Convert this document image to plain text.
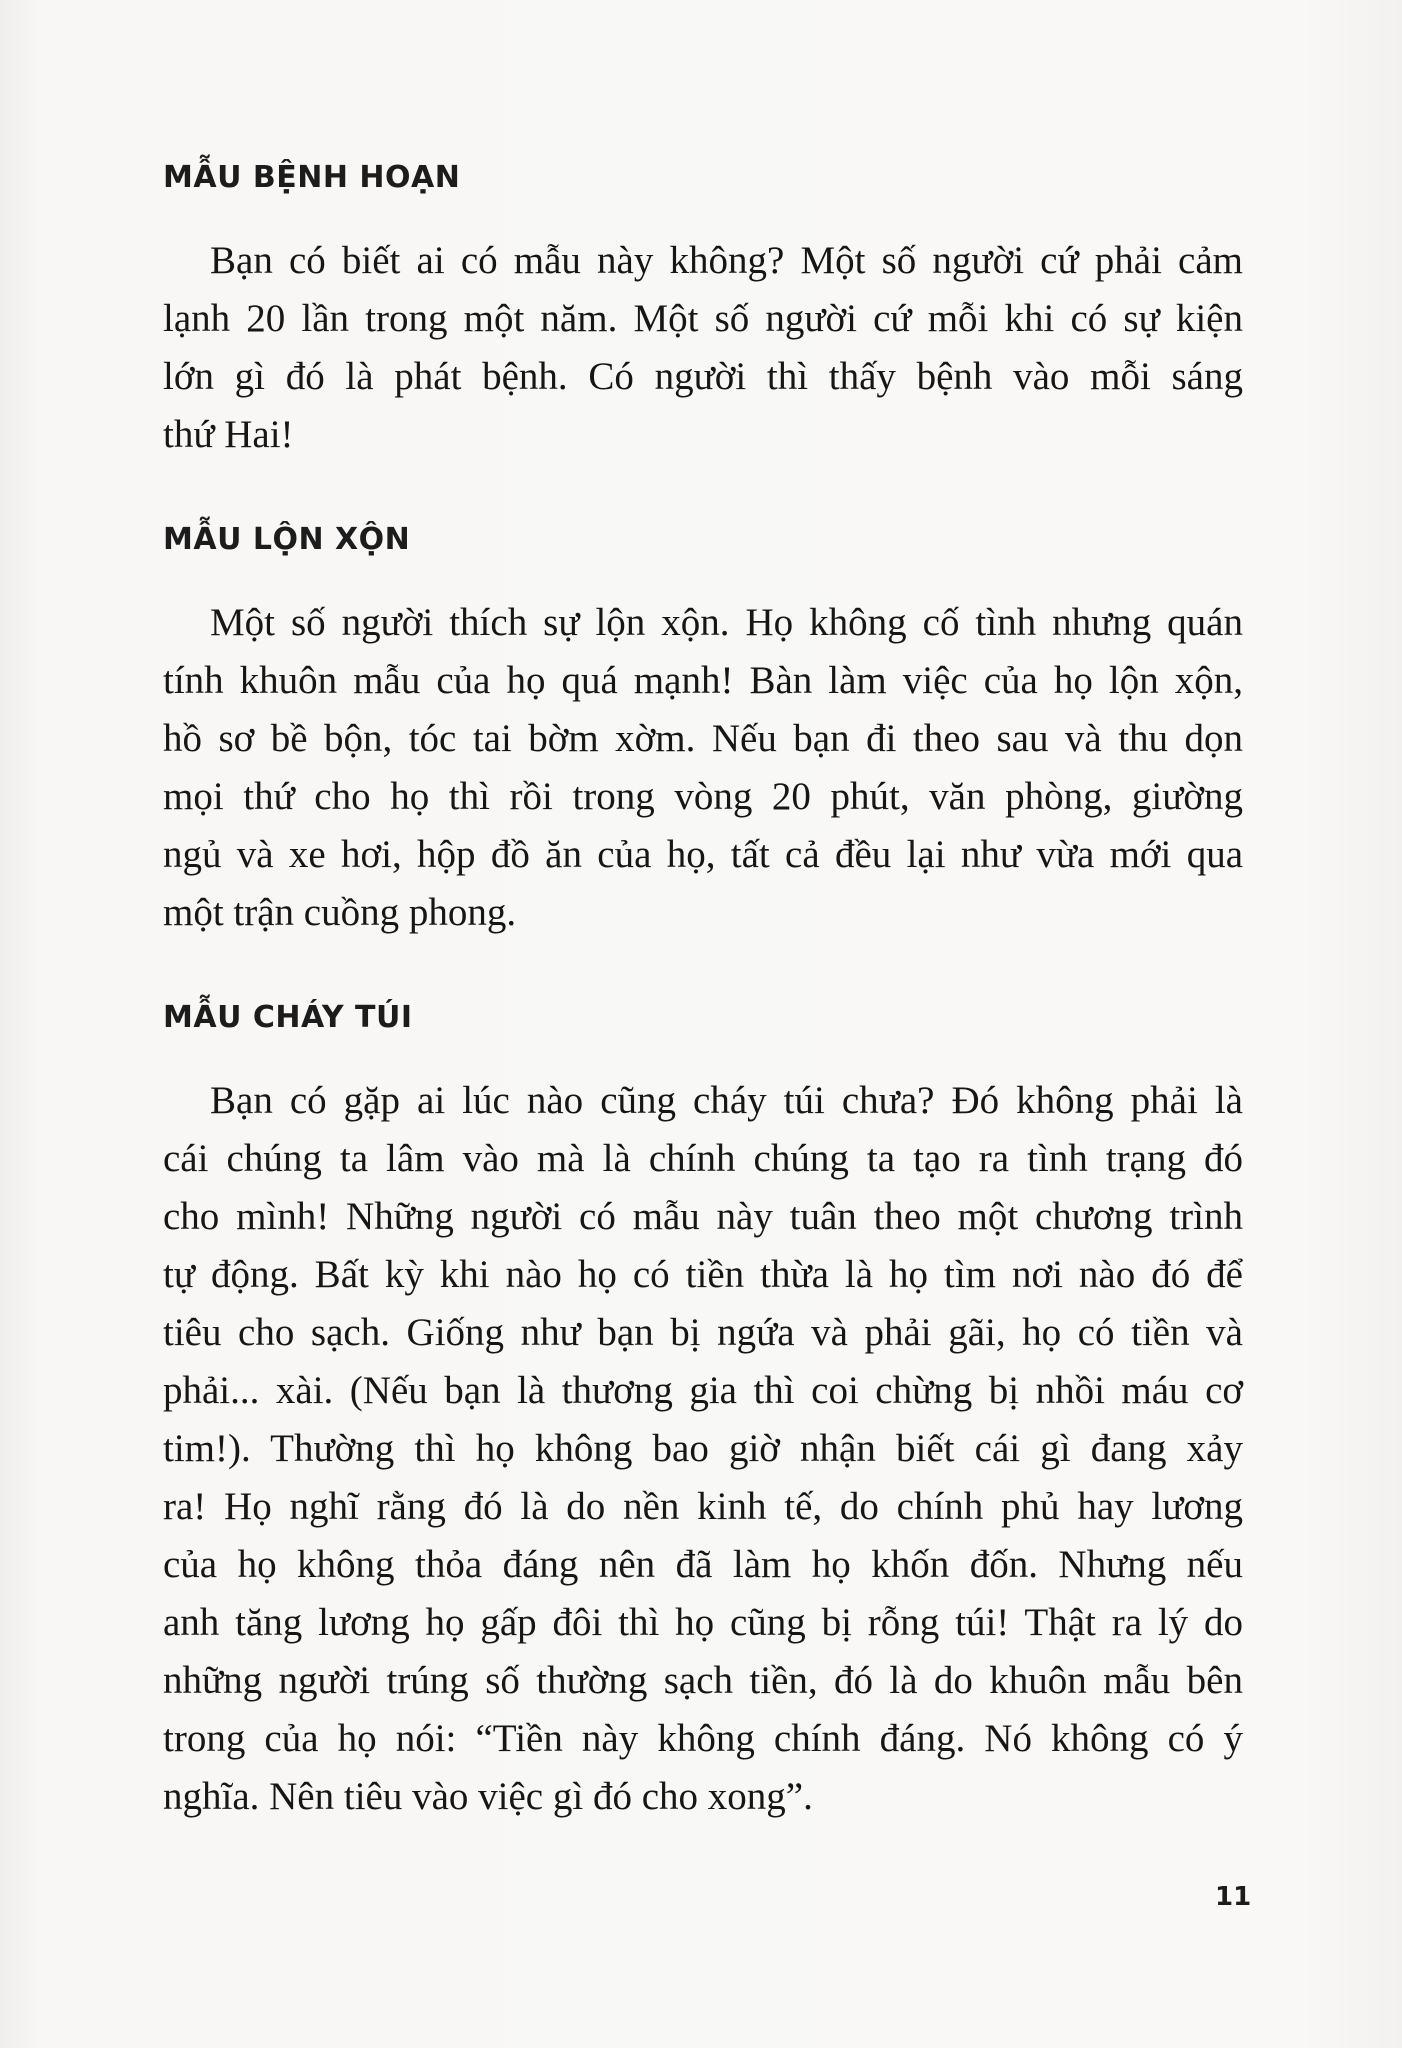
MẪU BỆNH HOẠN
Bạn có biết ai có mẫu này không? Một số người cứ phải cảm
lạnh 20 lần trong một năm. Một số người cứ mỗi khi có sự kiện
lớn gì đó là phát bệnh. Có người thì thấy bệnh vào mỗi sáng
thứ Hai!
MẪU LỘN XỘN
Một số người thích sự lộn xộn. Họ không cố tình nhưng quán
tính khuôn mẫu của họ quá mạnh! Bàn làm việc của họ lộn xộn,
hồ sơ bề bộn, tóc tai bờm xờm. Nếu bạn đi theo sau và thu dọn
mọi thứ cho họ thì rồi trong vòng 20 phút, văn phòng, giường
ngủ và xe hơi, hộp đồ ăn của họ, tất cả đều lại như vừa mới qua
một trận cuồng phong.
MẪU CHÁY TÚI
Bạn có gặp ai lúc nào cũng cháy túi chưa? Đó không phải là
cái chúng ta lâm vào mà là chính chúng ta tạo ra tình trạng đó
cho mình! Những người có mẫu này tuân theo một chương trình
tự động. Bất kỳ khi nào họ có tiền thừa là họ tìm nơi nào đó để
tiêu cho sạch. Giống như bạn bị ngứa và phải gãi, họ có tiền và
phải... xài. (Nếu bạn là thương gia thì coi chừng bị nhồi máu cơ
tim!). Thường thì họ không bao giờ nhận biết cái gì đang xảy
ra! Họ nghĩ rằng đó là do nền kinh tế, do chính phủ hay lương
của họ không thỏa đáng nên đã làm họ khốn đốn. Nhưng nếu
anh tăng lương họ gấp đôi thì họ cũng bị rỗng túi! Thật ra lý do
những người trúng số thường sạch tiền, đó là do khuôn mẫu bên
trong của họ nói: “Tiền này không chính đáng. Nó không có ý
nghĩa. Nên tiêu vào việc gì đó cho xong”.
11
